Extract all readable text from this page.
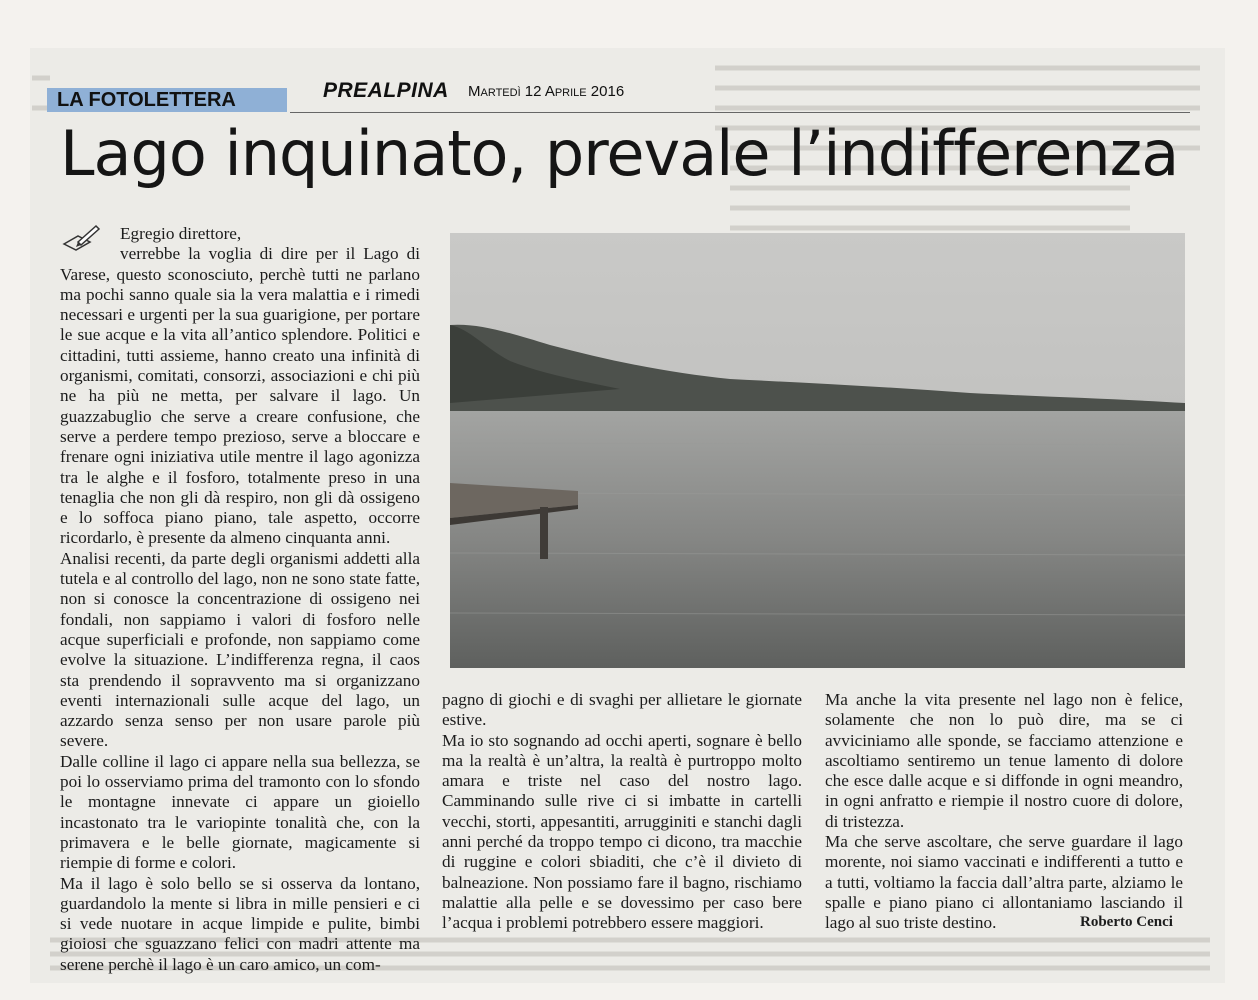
LA FOTOLETTERA	PREALPINA Martedì 12 Aprile 2016
Lago inquinato, prevale l’indifferenza

Egregio direttore,

verrebbe la voglia di dire per il Lago di Varese, questo sconosciuto, perchè tutti ne parlano ma pochi sanno quale sia la vera malattia e i rimedi necessari e urgenti per la sua guarigione, per portare le sue acque e la vita all’antico splendore. Politici e cittadini, tutti assieme, hanno creato una infinità di organismi, comitati, consorzi, associazioni e chi più ne ha più ne metta, per salvare il lago. Un guazzabuglio che serve a creare confusione, che serve a perdere tempo prezioso, serve a bloccare e frenare ogni iniziativa utile mentre il lago agonizza tra le alghe e il fosforo, totalmente preso in una tenaglia che non gli dà respiro, non gli dà ossigeno e lo soffoca piano piano, tale aspetto, occorre ricordarlo, è presente da almeno cinquanta anni.

Analisi recenti, da parte degli organismi addetti alla tutela e al controllo del lago, non ne sono state fatte, non si conosce la concentrazione di ossigeno nei fondali, non sappiamo i valori di fosforo nelle acque superficiali e profonde, non sappiamo come evolve la situazione. L’indifferenza regna, il caos sta prendendo il sopravvento ma si organizzano eventi internazionali sulle acque del lago, un azzardo senza senso per non usare parole più severe.

Dalle colline il lago ci appare nella sua bellezza, se poi lo osserviamo prima del tramonto con lo sfondo le montagne innevate ci appare un gioiello incastonato tra le variopinte tonalità che, con la primavera e le belle giornate, magicamente si riempie di forme e colori.

Ma il lago è solo bello se si osserva da lontano, guardandolo la mente si libra in mille pensieri e ci si vede nuotare in acque limpide e pulite, bimbi gioiosi che sguazzano felici con madri attente ma serene perchè il lago è un caro amico, un com-

pagno di giochi e di svaghi per allietare le giornate estive.

Ma io sto sognando ad occhi aperti, sognare è bello ma la realtà è un’altra, la realtà è purtroppo molto amara e triste nel caso del nostro lago. Camminando sulle rive ci si imbatte in cartelli vecchi, storti, appesantiti, arrugginiti e stanchi dagli anni perché da troppo tempo ci dicono, tra macchie di ruggine e colori sbiaditi, che c’è il divieto di balneazione. Non possiamo fare il bagno, rischiamo malattie alla pelle e se dovessimo per caso bere l’acqua i problemi potrebbero essere maggiori.

Ma anche la vita presente nel lago non è felice, solamente che non lo può dire, ma se ci avviciniamo alle sponde, se facciamo attenzione e ascoltiamo sentiremo un tenue lamento di dolore che esce dalle acque e si diffonde in ogni meandro, in ogni anfratto e riempie il nostro cuore di dolore, di tristezza.

Ma che serve ascoltare, che serve guardare il lago morente, noi siamo vaccinati e indifferenti a tutto e a tutti, voltiamo la faccia dall’altra parte, alziamo le spalle e piano piano ci allontaniamo lasciando il lago al suo triste destino.	Roberto Cenci
